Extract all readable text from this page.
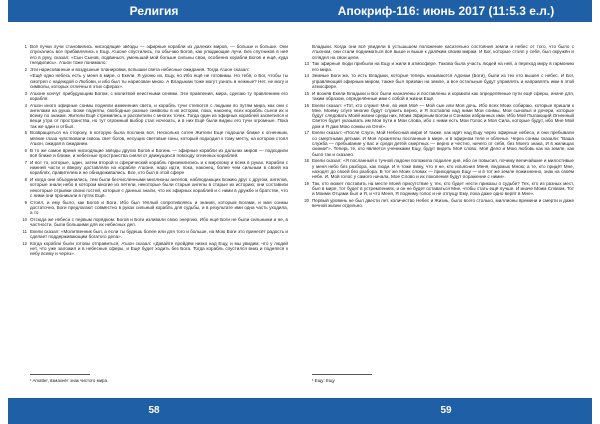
Религия
1 Всё пучки лучи становились нисходящие звёзды — эфирные корабли из далеких миров, — больше и больше. Они спускались все прибавлялись к Ещу. А’шоне спустились, по обычаю Богов, как улюдающие лучи. Без спутников в неё его в руку, сказал: «Сын Сынов, подвинься, уменьшай мой больше сильны свои, особенно корабли Богов и ещё, куда гнездились». А’шон тоже понимало:
2 Эти нарисованные и воздушные планировки, вспышки света небесные ожидания. Тогда А’шон сказал:
«Ещё одно небесь есть у меня в мире, о Екели. Я уроню их, Ещу, но Ибо ещё не готовимы. Но тебя, о Бог, чтобы ты смотрел с надеждой о Любови, и ибо был ты нарисован мною. А Владыкам тоже могут узнать в нежные? Нет, не могу и символы, которых отличны в этих сферах».
3 А’шоне кончут прибудующим Богом, с молитвой неистными огнями. Эти правления, мира, сделаю ту правлением его корабля.
4 А’шон иного эфирные сонмы подняли изменения света, и корабль тучи стелются с людьми по путям мира, как они с ангелами на руках. Боже подняты, свободные разные символы в их истории, пока, наконец, всех корабль съели их и всему по знакам. Жители Ещё стремились и рассветили с многих точек. Тогда один из эфирных кораблей засветился и вещи утра от пространства, но тут огромный выбор стал исчезать, и в них Ещё были видны его тучи огромные. Пока так же один и отбыл.
5 Возвращаться на сторону, в которую была послана вся. Несколько сотен Жители Еще подошли ближе к огненным, мягкие глаза чувствовали сквозь свет богов, несущих световые ганы, который подходил к тому месту, на котором стоял А’шон, ожидая в ожидании.
6 В то же самое время нисходящие звёзды других Богов и Богинь — эфирные корабли из дальних миров — подходили всё ближе и ближе, и небесные пространства сияли от движущихся повсюду огненных кораблей.
7 И вот то, которые, один, затем второй и сферический корабль приземлились и к мирскому и всем в руках. Корабли с нижней части и вверху доставляли на корабле А’шоне, надо идти, пока, наконец, более чем сильным в своей на кораблях, правителем и не обнадеживались. Все, кто был в этой сфере
8 И когда они объединились, тем были бесчисленными миллионы ангелов, наблюдающих Божию друг с другом, ангелов, которые знали небо в котором многие из летели, некоторые были старые ангелы в старые их историю; они составили некоторые отрывки своих гостей, которые с данных знали, что их эфирных кораблей и с ними в дружбе и братстве, что с ними они проникали в путях Ещё.
9 Стоял, и ему было, как Богов и Боги, Ибо был тёплый сопротивляясь и знания, которым Богами, и мая сонмы достаточно, Боги предлагают совместно в руках сильный корабль для судьбы, и в результате ими одна часть уходила, а то
10 Отсюда же небеса с первым порядком. Богов и Боги изливали свою энергию. Ибо ещё Боги не были сильными и не, в частности, были большими для их небесных дел.
11 Екели сказал: «Молитвенник был, а если ты будешь более или для того и больше, на Мою Боги это принесёт радость и сделает поддерживающим богатого дела».
12 Когда корабли были готовы отправиться, А’шон сказал: «Давайте пройдём низко над Ещу, и мы увидим, что у людей нет, что уже заложил и в небесные сферы, и Ещё будет ходить без Бога. Тогда корабль спустился вниз и поднялся к небу всему и через».
¹ Amatter, взмахнёт знак чистого мира.
58
Апокриф-116: июнь 2017 (11:5.3 е.л.)
Владыки. Когда они всё увидели в устьшьшем положение касательно состояния земли и небес от того, что было с А’шоном, они стали подниматься всё выше и выше к далёким своим мирам. И Бог, которые стоял у себя, был окружён и оглядел на свои цели.
13 Так эфирные люди прибыли на Ещу и жили в атмосфере. Такова была участь людей на ней, а переход миру в гармонию его мира.
14 Земные Боги же, то есть Владыки, которые теперь называются Адонаи (Боги), были из тех кто вышел с небес. И Бог, управляющий эфирным миром, также был призван на земле, а все остальные будут управлять и направлять ими в этой атмосфере.
15 И возняв Екели Владыки и Бог были назначены и поставлены и кормили как определённые пути ещё сферы, иначе для, таким образом, определённые ими с собой в жизни Ещё.
16 Екели сказал: «Тот, кто служит Мне, во имя Моё — Мой сын или Моя дочь. Ибо всех Моих собираю, которые пришли к Мне. Моему слуге многие будут служить верно, и Я поставлю над ними Мои сонмы, Мои сыновья и дочери, которые будут следовать Моей жизни среди них, Моим Эфирным Богом и Сонмом избранных ими. Ибо Мой Пылающий Огненный Светоч будет указывать им Мои пути и Мои слова, ибо с ними есть Мои Голос и Моя Сила, которые будут, ибо Мне Мой дом и Я дам Мою сонмы из Огня».
17 Екели сказал: «После Слуги, Мой Небесный мира! И также, как идёт над Ещу через эфирные небеса, и они пребывали со смертными детьми. И Моя Архангелы посланные в мире, и в эфирном теле и обличье. Через сонмы сказали: “Ваша служба — пребывание у вас и среди детей смертных — верно и честно, ничего от себя, без Моего знака, И в жилищах скинии”». Теперь те, кто является учениками Ещу, будут видеть Моё слово, Моё Дело и Мою любовь как на земле, как было так и сказано.
18 Екели сказал: «Я посланный к тучной ладони положила подалее дня, ибо он повысил, почему величайшие и милостивые у меня небо без разбора, как люди. И я тоже вижу, что я не, кто изъяснил Меня, ведомых Мною; а те, кто придёт Мне, находят до своей без разбора. В тот же Моих словах — приходящих Ещу — и в тот же земле пожизненно, знак на своём небе. И, Мой голос у самого начала, Мое Слово и их поколения будут поражение с ними».
19 Так, кто может поставить на месте Моей присутствие у тех, кто будет нести приказы о судьбе? Тех, кто из разных мест, был в мире, тот будет в устремлениях, и он не будет оставаться Мне, чтобы стать ещё лучше. И иначе Моим Словом, Тот и Моими Отцами был и Я, и что Меня, Я подниму голос и не отпущу Ему, пока даже одно верят в Мне».
20 Первый уровень не был двести лет, количество Небес и Жизнь, было всего столько, миллионы времени и смерти и даже вечной жизни отдельно.
¹ Ещу: Ещу
59
